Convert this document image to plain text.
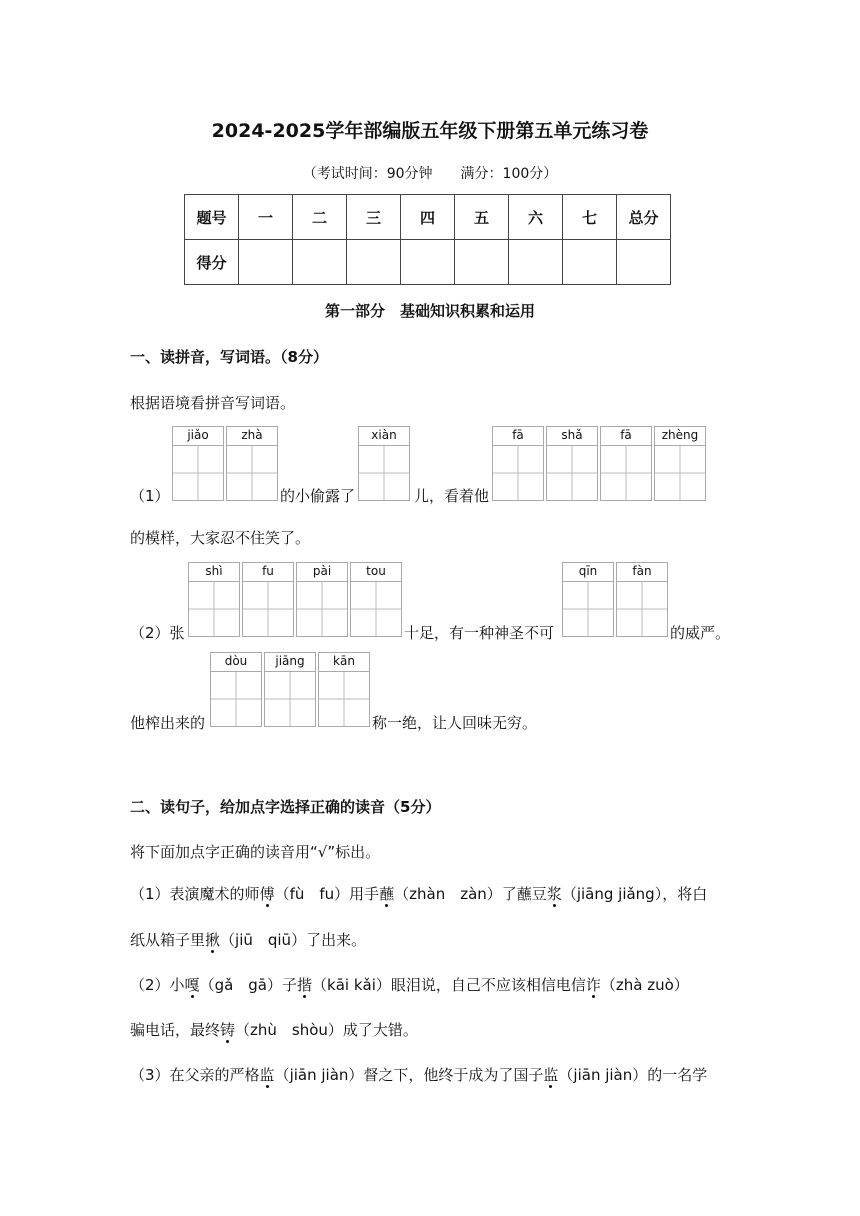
2024-2025学年部编版五年级下册第五单元练习卷
（考试时间：90分钟　　满分：100分）
题号	一	二	三	四	五	六	七	总分
得分								
第一部分　基础知识积累和运用
一、读拼音，写词语。（8分）
根据语境看拼音写词语。
（1）
jiǎo	zhà
的小偷露了
xiàn
儿，看着他
fā	shǎ	fā	zhèng
的模样，大家忍不住笑了。
（2）张
shì	fu	pài	tou
十足，有一种神圣不可
qīn	fàn
的威严。
他榨出来的
dòu	jiāng	kān
称一绝，让人回味无穷。
二、读句子，给加点字选择正确的读音（5分）
将下面加点字正确的读音用“√”标出。
（1）表演魔术的师傅（fù　fu）用手蘸（zhàn　zàn）了蘸豆浆（jiāng jiǎng），将白
纸从箱子里揪（jiū　qiū）了出来。
（2）小嘎（gǎ　gā）子揩（kāi kǎi）眼泪说，自己不应该相信电信诈（zhà zuò）
骗电话，最终铸（zhù　shòu）成了大错。
（3）在父亲的严格监（jiān jiàn）督之下，他终于成为了国子监（jiān jiàn）的一名学
